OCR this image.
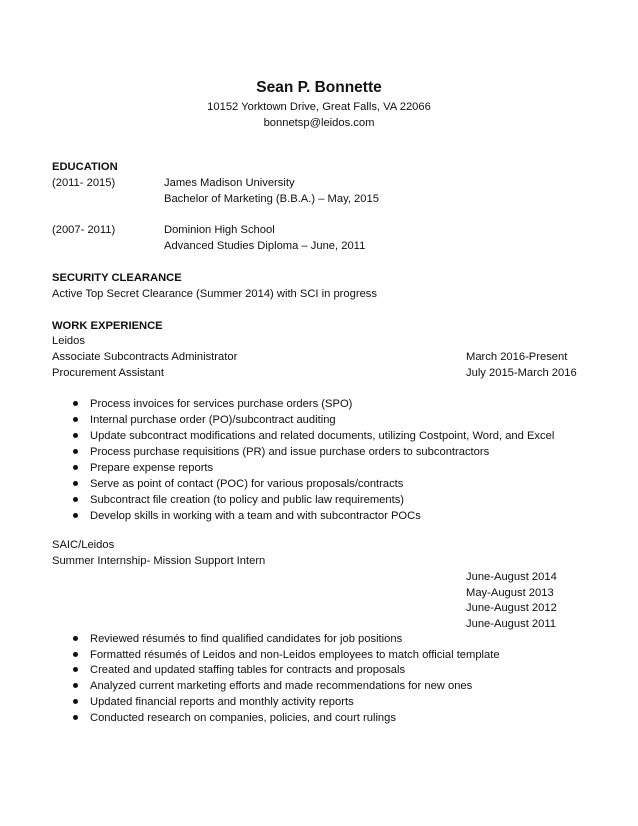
Sean P. Bonnette
10152 Yorktown Drive, Great Falls, VA 22066
bonnetsp@leidos.com
EDUCATION
(2011- 2015)	James Madison University
Bachelor of Marketing (B.B.A.) – May, 2015
(2007- 2011)	Dominion High School
Advanced Studies Diploma – June, 2011
SECURITY CLEARANCE
Active Top Secret Clearance (Summer 2014) with SCI in progress
WORK EXPERIENCE
Leidos
Associate Subcontracts Administrator	March 2016-Present
Procurement Assistant	July 2015-March 2016
Process invoices for services purchase orders (SPO)
Internal purchase order (PO)/subcontract auditing
Update subcontract modifications and related documents, utilizing Costpoint, Word, and Excel
Process purchase requisitions (PR) and issue purchase orders to subcontractors
Prepare expense reports
Serve as point of contact (POC) for various proposals/contracts
Subcontract file creation (to policy and public law requirements)
Develop skills in working with a team and with subcontractor POCs
SAIC/Leidos
Summer Internship- Mission Support Intern
June-August 2014
May-August 2013
June-August 2012
June-August 2011
Reviewed résumés to find qualified candidates for job positions
Formatted résumés of Leidos and non-Leidos employees to match official template
Created and updated staffing tables for contracts and proposals
Analyzed current marketing efforts and made recommendations for new ones
Updated financial reports and monthly activity reports
Conducted research on companies, policies, and court rulings
